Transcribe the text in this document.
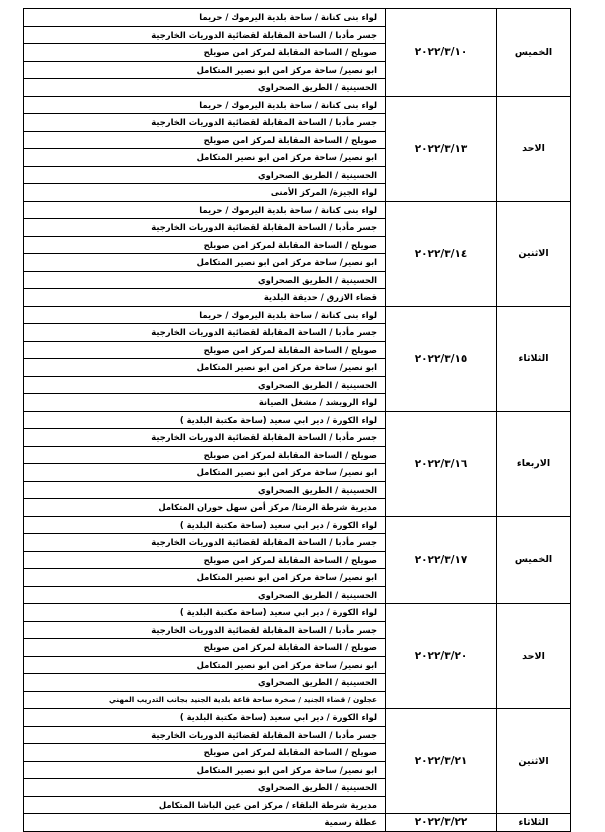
الخميس	٢٠٢٢/٣/١٠	لواء بنى كنانة / ساحة بلدية اليرموك / حريما
		جسر مأدبا / الساحة المقابلة لقضائية الدوريات الخارجية
		صويلح / الساحة المقابلة لمركز امن صويلح
		ابو نصير/ ساحة مركز امن ابو نصير المتكامل
		الحسينية / الطريق الصحراوي
الاحد	٢٠٢٢/٣/١٣	لواء بنى كنانة / ساحة بلدية اليرموك / حريما
		جسر مأدبا / الساحة المقابلة لقضائية الدوريات الخارجية
		صويلح / الساحة المقابلة لمركز امن صويلح
		ابو نصير/ ساحة مركز امن ابو نصير المتكامل
		الحسينية / الطريق الصحراوي
		لواء الجيزة/ المركز الأمنى
الاثنين	٢٠٢٢/٣/١٤	لواء بنى كنانة / ساحة بلدية اليرموك / حريما
		جسر مأدبا / الساحة المقابلة لقضائية الدوريات الخارجية
		صويلح / الساحة المقابلة لمركز امن صويلح
		ابو نصير/ ساحة مركز امن ابو نصير المتكامل
		الحسينية / الطريق الصحراوي
		قضاء الازرق / حديقة البلدية
الثلاثاء	٢٠٢٢/٣/١٥	لواء بنى كنانة / ساحة بلدية اليرموك / حريما
		جسر مأدبا / الساحة المقابلة لقضائية الدوريات الخارجية
		صويلح / الساحة المقابلة لمركز امن صويلح
		ابو نصير/ ساحة مركز امن ابو نصير المتكامل
		الحسينية / الطريق الصحراوي
		لواء الرويشد / مشغل الصيانة
الاربعاء	٢٠٢٢/٣/١٦	لواء الكورة / دير ابي سعيد (ساحة مكتبة البلدية )
		جسر مأدبا / الساحة المقابلة لقضائية الدوريات الخارجية
		صويلح / الساحة المقابلة لمركز امن صويلح
		ابو نصير/ ساحة مركز امن ابو نصير المتكامل
		الحسينية / الطريق الصحراوي
		مديرية شرطة الرمثا/ مركز أمن سهل حوران المتكامل
الخميس	٢٠٢٢/٣/١٧	لواء الكورة / دير ابي سعيد (ساحة مكتبة البلدية )
		جسر مأدبا / الساحة المقابلة لقضائية الدوريات الخارجية
		صويلح / الساحة المقابلة لمركز امن صويلح
		ابو نصير/ ساحة مركز امن ابو نصير المتكامل
		الحسينية / الطريق الصحراوي
الاحد	٢٠٢٢/٣/٢٠	لواء الكورة / دير ابي سعيد (ساحة مكتبة البلدية )
		جسر مأدبا / الساحة المقابلة لقضائية الدوريات الخارجية
		صويلح / الساحة المقابلة لمركز امن صويلح
		ابو نصير/ ساحة مركز امن ابو نصير المتكامل
		الحسينية / الطريق الصحراوي
		عجلون / قضاء الجنيد / صخرة ساحة قاعة بلدية الجنيد بجانب التدريب المهني
الاثنين	٢٠٢٢/٣/٢١	لواء الكورة / دير ابي سعيد (ساحة مكتبة البلدية )
		جسر مأدبا / الساحة المقابلة لقضائية الدوريات الخارجية
		صويلح / الساحة المقابلة لمركز امن صويلح
		ابو نصير/ ساحة مركز امن ابو نصير المتكامل
		الحسينية / الطريق الصحراوي
		مديرية شرطة البلقاء / مركز امن عين الباشا المتكامل
الثلاثاء	٢٠٢٢/٣/٢٢	عطلة رسمية
